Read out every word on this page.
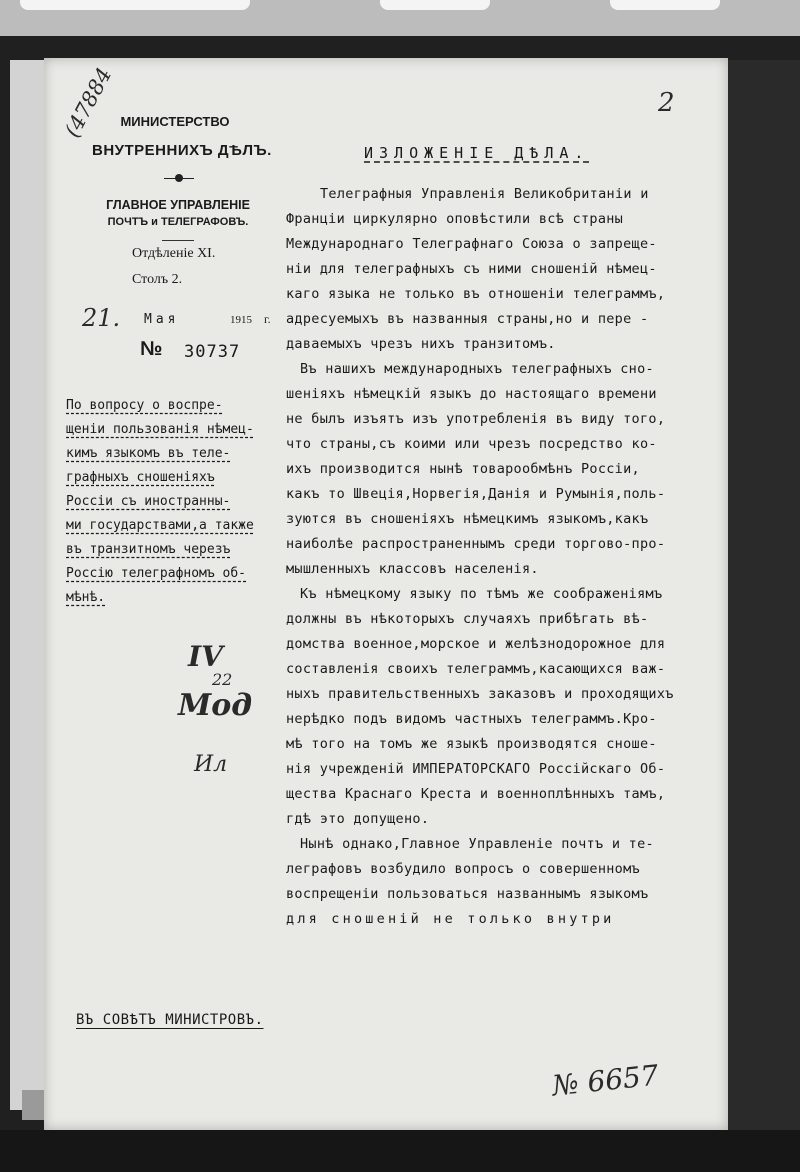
(47884	2
МИНИСТЕРСТВО
ВНУТРЕННИХЪ ДѢЛЪ.
ГЛАВНОЕ УПРАВЛЕНІЕ
ПОЧТЪ и ТЕЛЕГРАФОВЪ.
Отдѣленіе XI.
Столъ 2.
21. Мая	1915 г.
№ 30737
По вопросу о воспре-
щеніи пользованія нѣмец-
кимъ языкомъ въ теле-
графныхъ сношеніяхъ
Россіи съ иностранны-
ми государствами,а также
въ транзитномъ черезъ
Россію телеграфномъ об-
мѣнѣ.
IV
22
Мод
Ил
ИЗЛОЖЕНІЕ ДѢЛА.
Телеграфныя Управленія Великобританіи и
Франціи циркулярно оповѣстили всѣ страны
Международнаго Телеграфнаго Союза о запреще-
ніи для телеграфныхъ съ ними сношеній нѣмец-
каго языка не только въ отношеніи телеграммъ,
адресуемыхъ въ названныя страны,но и пере -
даваемыхъ чрезъ нихъ транзитомъ.
Въ нашихъ международныхъ телеграфныхъ сно-
шеніяхъ нѣмецкій языкъ до настоящаго времени
не былъ изъятъ изъ употребленія въ виду того,
что страны,съ коими или чрезъ посредство ко-
ихъ производится нынѣ товарообмѣнъ Россіи,
какъ то Швеція,Норвегія,Данія и Румынія,поль-
зуются въ сношеніяхъ нѣмецкимъ языкомъ,какъ
наиболѣе распространеннымъ среди торгово-про-
мышленныхъ классовъ населенія.
Къ нѣмецкому языку по тѣмъ же соображеніямъ
должны въ нѣкоторыхъ случаяхъ прибѣгать вѣ-
домства военное,морское и желѣзнодорожное для
составленія своихъ телеграммъ,касающихся важ-
ныхъ правительственныхъ заказовъ и проходящихъ
нерѣдко подъ видомъ частныхъ телеграммъ.Кро-
мѣ того на томъ же языкѣ производятся сноше-
нія учрежденій ИМПЕРАТОРСКАГО Россійскаго Об-
щества Краснаго Креста и военноплѣнныхъ тамъ,
гдѣ это допущено.
Нынѣ однако,Главное Управленіе почтъ и те-
леграфовъ возбудило вопросъ о совершенномъ
воспрещеніи пользоваться названнымъ языкомъ
для сношеній не только внутри
ВЪ СОВѢТЪ МИНИСТРОВЪ.
№ 6657
